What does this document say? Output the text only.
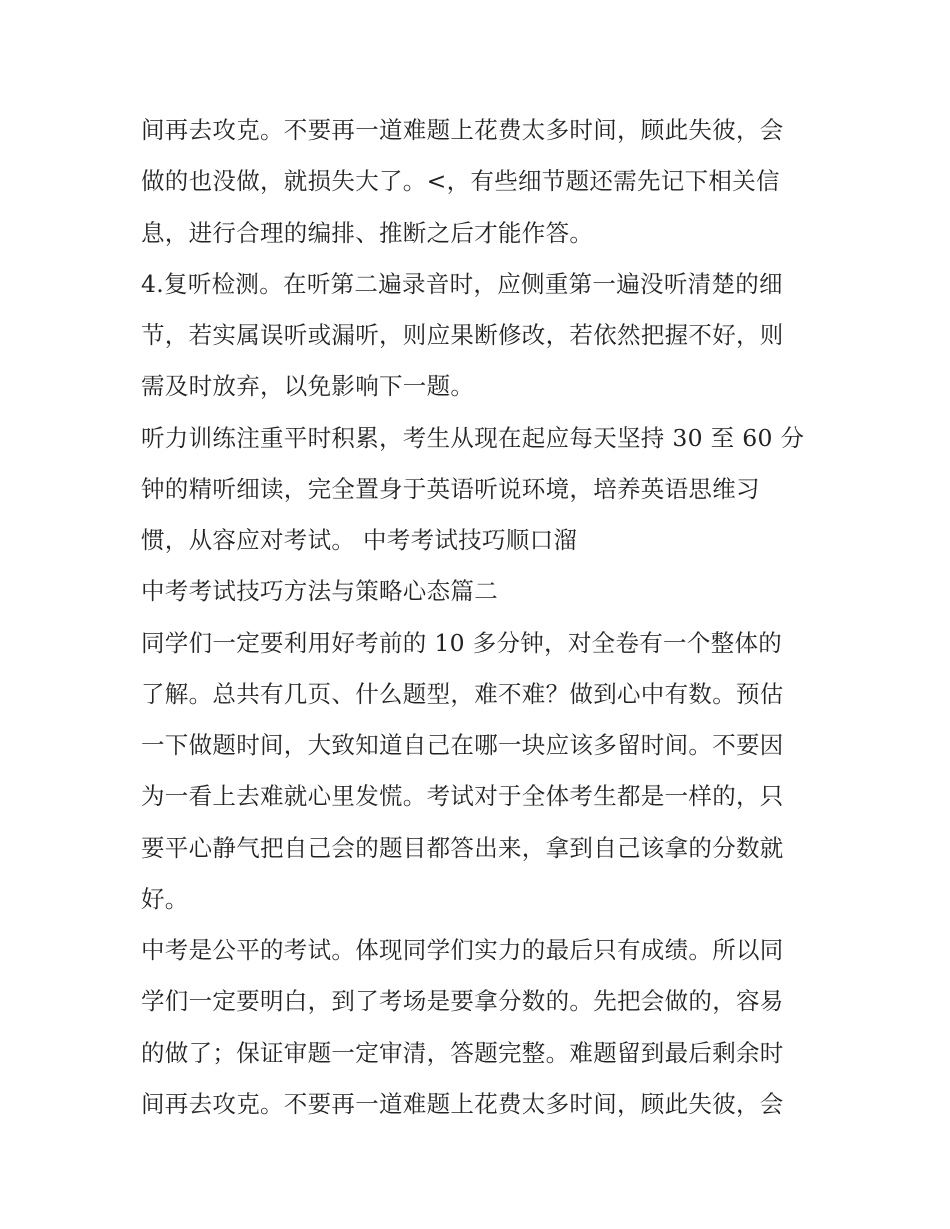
间再去攻克。不要再一道难题上花费太多时间，顾此失彼，会
做的也没做，就损失大了。<，有些细节题还需先记下相关信
息，进行合理的编排、推断之后才能作答。
4.复听检测。在听第二遍录音时，应侧重第一遍没听清楚的细
节，若实属误听或漏听，则应果断修改，若依然把握不好，则
需及时放弃，以免影响下一题。
听力训练注重平时积累，考生从现在起应每天坚持 30 至 60 分
钟的精听细读，完全置身于英语听说环境，培养英语思维习
惯，从容应对考试。 中考考试技巧顺口溜
中考考试技巧方法与策略心态篇二
同学们一定要利用好考前的 10 多分钟，对全卷有一个整体的
了解。总共有几页、什么题型，难不难？做到心中有数。预估
一下做题时间，大致知道自己在哪一块应该多留时间。不要因
为一看上去难就心里发慌。考试对于全体考生都是一样的，只
要平心静气把自己会的题目都答出来，拿到自己该拿的分数就
好。
中考是公平的考试。体现同学们实力的最后只有成绩。所以同
学们一定要明白，到了考场是要拿分数的。先把会做的，容易
的做了；保证审题一定审清，答题完整。难题留到最后剩余时
间再去攻克。不要再一道难题上花费太多时间，顾此失彼，会
